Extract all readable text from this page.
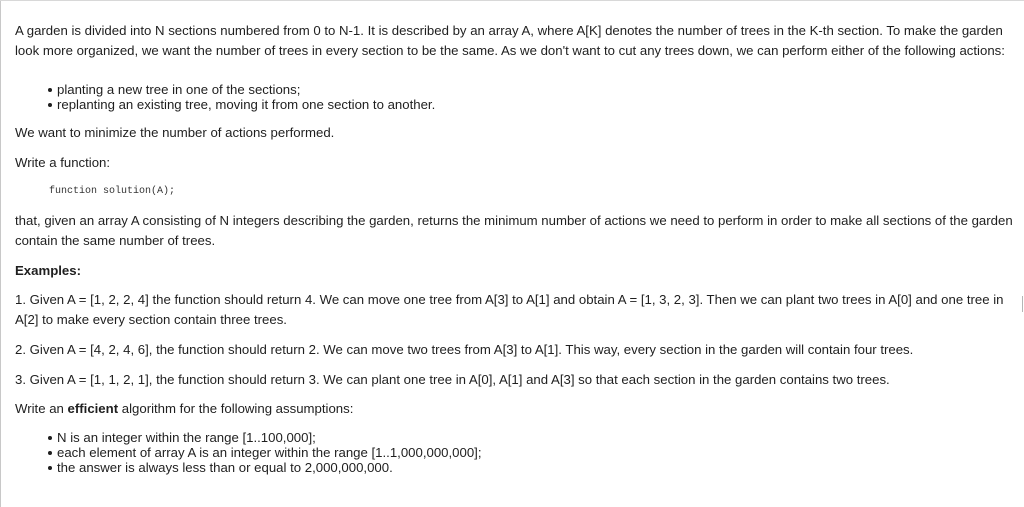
A garden is divided into N sections numbered from 0 to N-1. It is described by an array A, where A[K] denotes the number of trees in the K-th section. To make the garden look more organized, we want the number of trees in every section to be the same. As we don't want to cut any trees down, we can perform either of the following actions:

planting a new tree in one of the sections;
replanting an existing tree, moving it from one section to another.

We want to minimize the number of actions performed.

Write a function:

function solution(A);

that, given an array A consisting of N integers describing the garden, returns the minimum number of actions we need to perform in order to make all sections of the garden contain the same number of trees.

Examples:

1. Given A = [1, 2, 2, 4] the function should return 4. We can move one tree from A[3] to A[1] and obtain A = [1, 3, 2, 3]. Then we can plant two trees in A[0] and one tree in A[2] to make every section contain three trees.

2. Given A = [4, 2, 4, 6], the function should return 2. We can move two trees from A[3] to A[1]. This way, every section in the garden will contain four trees.

3. Given A = [1, 1, 2, 1], the function should return 3. We can plant one tree in A[0], A[1] and A[3] so that each section in the garden contains two trees.

Write an efficient algorithm for the following assumptions:

N is an integer within the range [1..100,000];
each element of array A is an integer within the range [1..1,000,000,000];
the answer is always less than or equal to 2,000,000,000.
